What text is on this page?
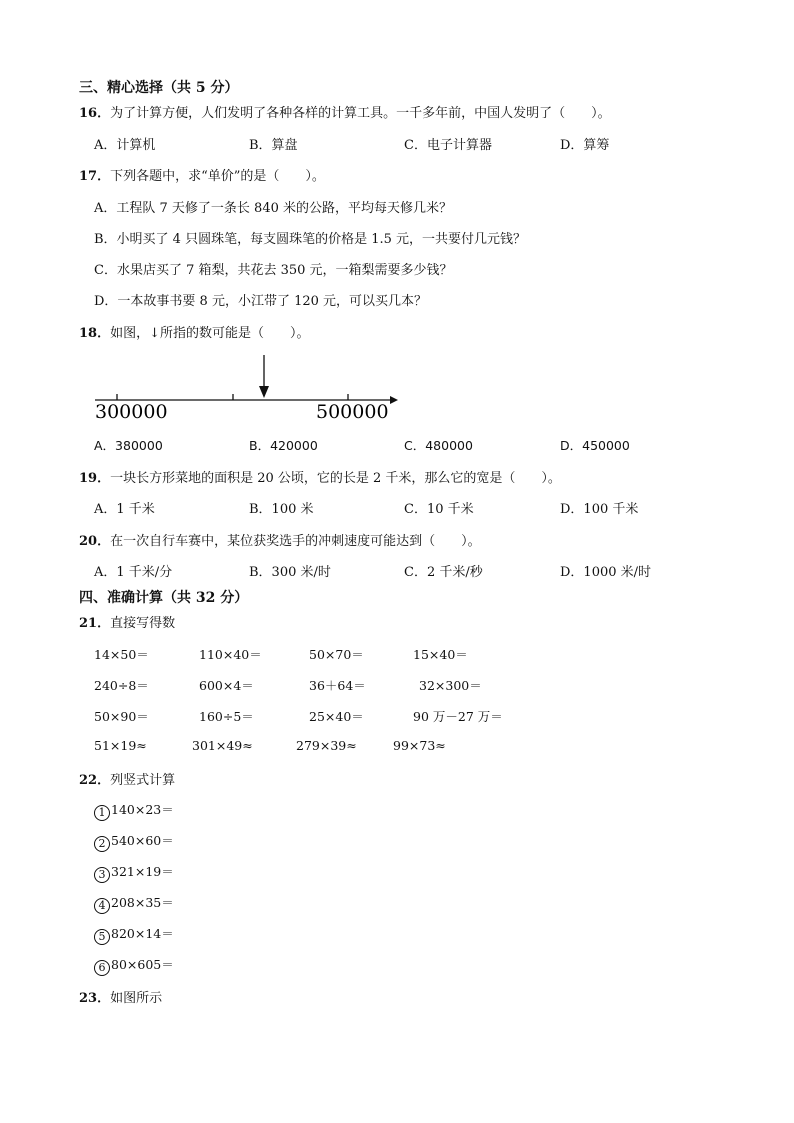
三、精心选择（共 5 分）
16．为了计算方便，人们发明了各种各样的计算工具。一千多年前，中国人发明了（　　）。
A．计算机	B．算盘	C．电子计算器	D．算筹
17．下列各题中，求“单价”的是（　　）。
A．工程队 7 天修了一条长 840 米的公路，平均每天修几米？
B．小明买了 4 只圆珠笔，每支圆珠笔的价格是 1.5 元，一共要付几元钱？
C．水果店买了 7 箱梨，共花去 350 元，一箱梨需要多少钱？
D．一本故事书要 8 元，小江带了 120 元，可以买几本？
18．如图，↓所指的数可能是（　　）。
300000	500000
A．380000	B．420000	C．480000	D．450000
19．一块长方形菜地的面积是 20 公顷，它的长是 2 千米，那么它的宽是（　　）。
A．1 千米	B．100 米	C．10 千米	D．100 千米
20．在一次自行车赛中，某位获奖选手的冲刺速度可能达到（　　）。
A．1 千米/分	B．300 米/时	C．2 千米/秒	D．1000 米/时
四、准确计算（共 32 分）
21．直接写得数
14×50＝	110×40＝	50×70＝	15×40＝
240÷8＝	600×4＝	36＋64＝	32×300＝
50×90＝	160÷5＝	25×40＝	90 万－27 万＝
51×19≈	301×49≈	279×39≈	99×73≈
22．列竖式计算
1 140×23＝
2 540×60＝
3 321×19＝
4 208×35＝
5 820×14＝
6 80×605＝
23．如图所示
